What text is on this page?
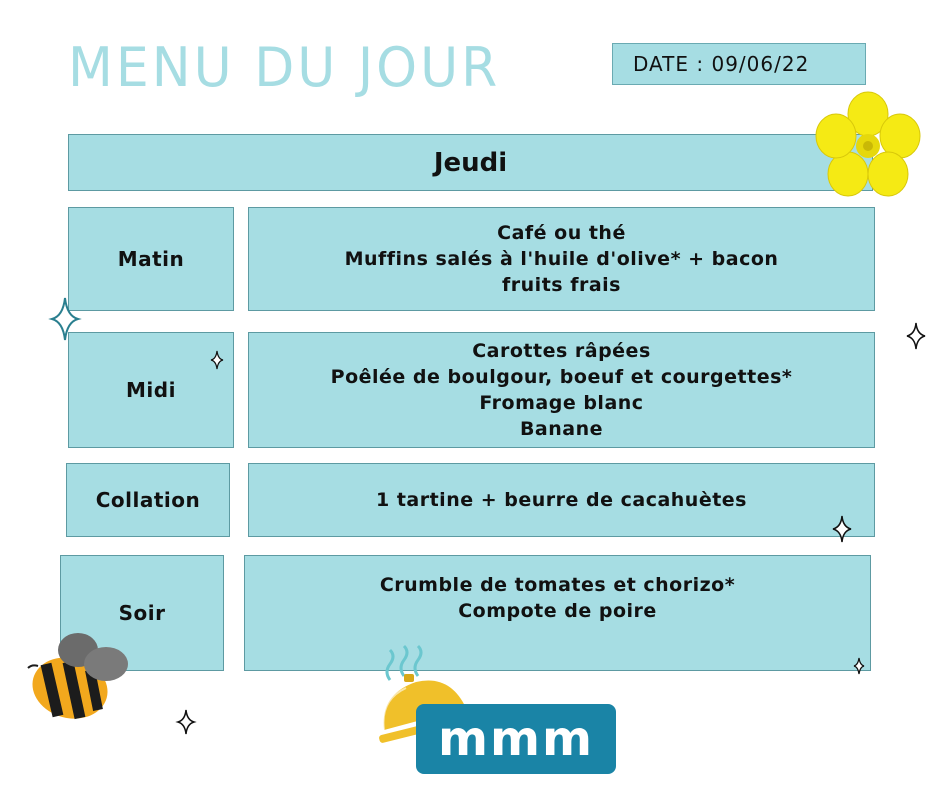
MENU DU JOUR	DATE : 09/06/22
Jeudi
Matin
Café ou thé
Muffins salés à l'huile d'olive* + bacon
fruits frais
Midi
Carottes râpées
Poêlée de boulgour, boeuf et courgettes*
Fromage blanc
Banane
Collation	1 tartine + beurre de cacahuètes
Soir
Crumble de tomates et chorizo*
Compote de poire
mmm
